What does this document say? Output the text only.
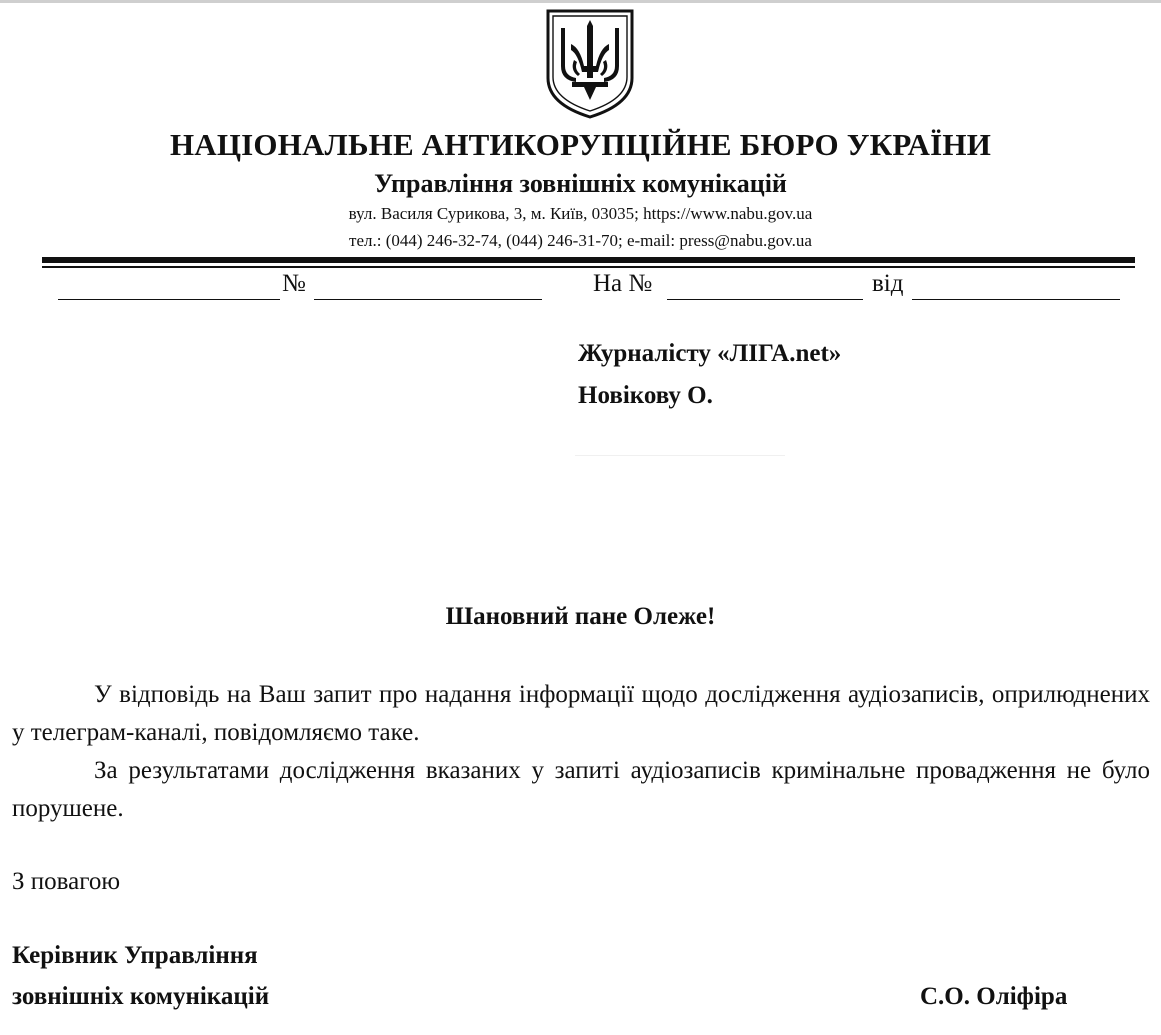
НАЦІОНАЛЬНЕ АНТИКОРУПЦІЙНЕ БЮРО УКРАЇНИ
Управління зовнішніх комунікацій
вул. Василя Сурикова, 3, м. Київ, 03035; https://www.nabu.gov.ua
тел.: (044) 246-32-74, (044) 246-31-70; e-mail: press@nabu.gov.ua
№	На №	від
Журналісту «ЛІГА.net»
Новікову О.
Шановний пане Олеже!

У відповідь на Ваш запит про надання інформації щодо дослідження аудіозаписів, оприлюднених у телеграм-каналі, повідомляємо таке.

За результатами дослідження вказаних у запиті аудіозаписів кримінальне провадження не було порушене.

З повагою
Керівник Управління
зовнішніх комунікацій	С.О. Оліфіра
